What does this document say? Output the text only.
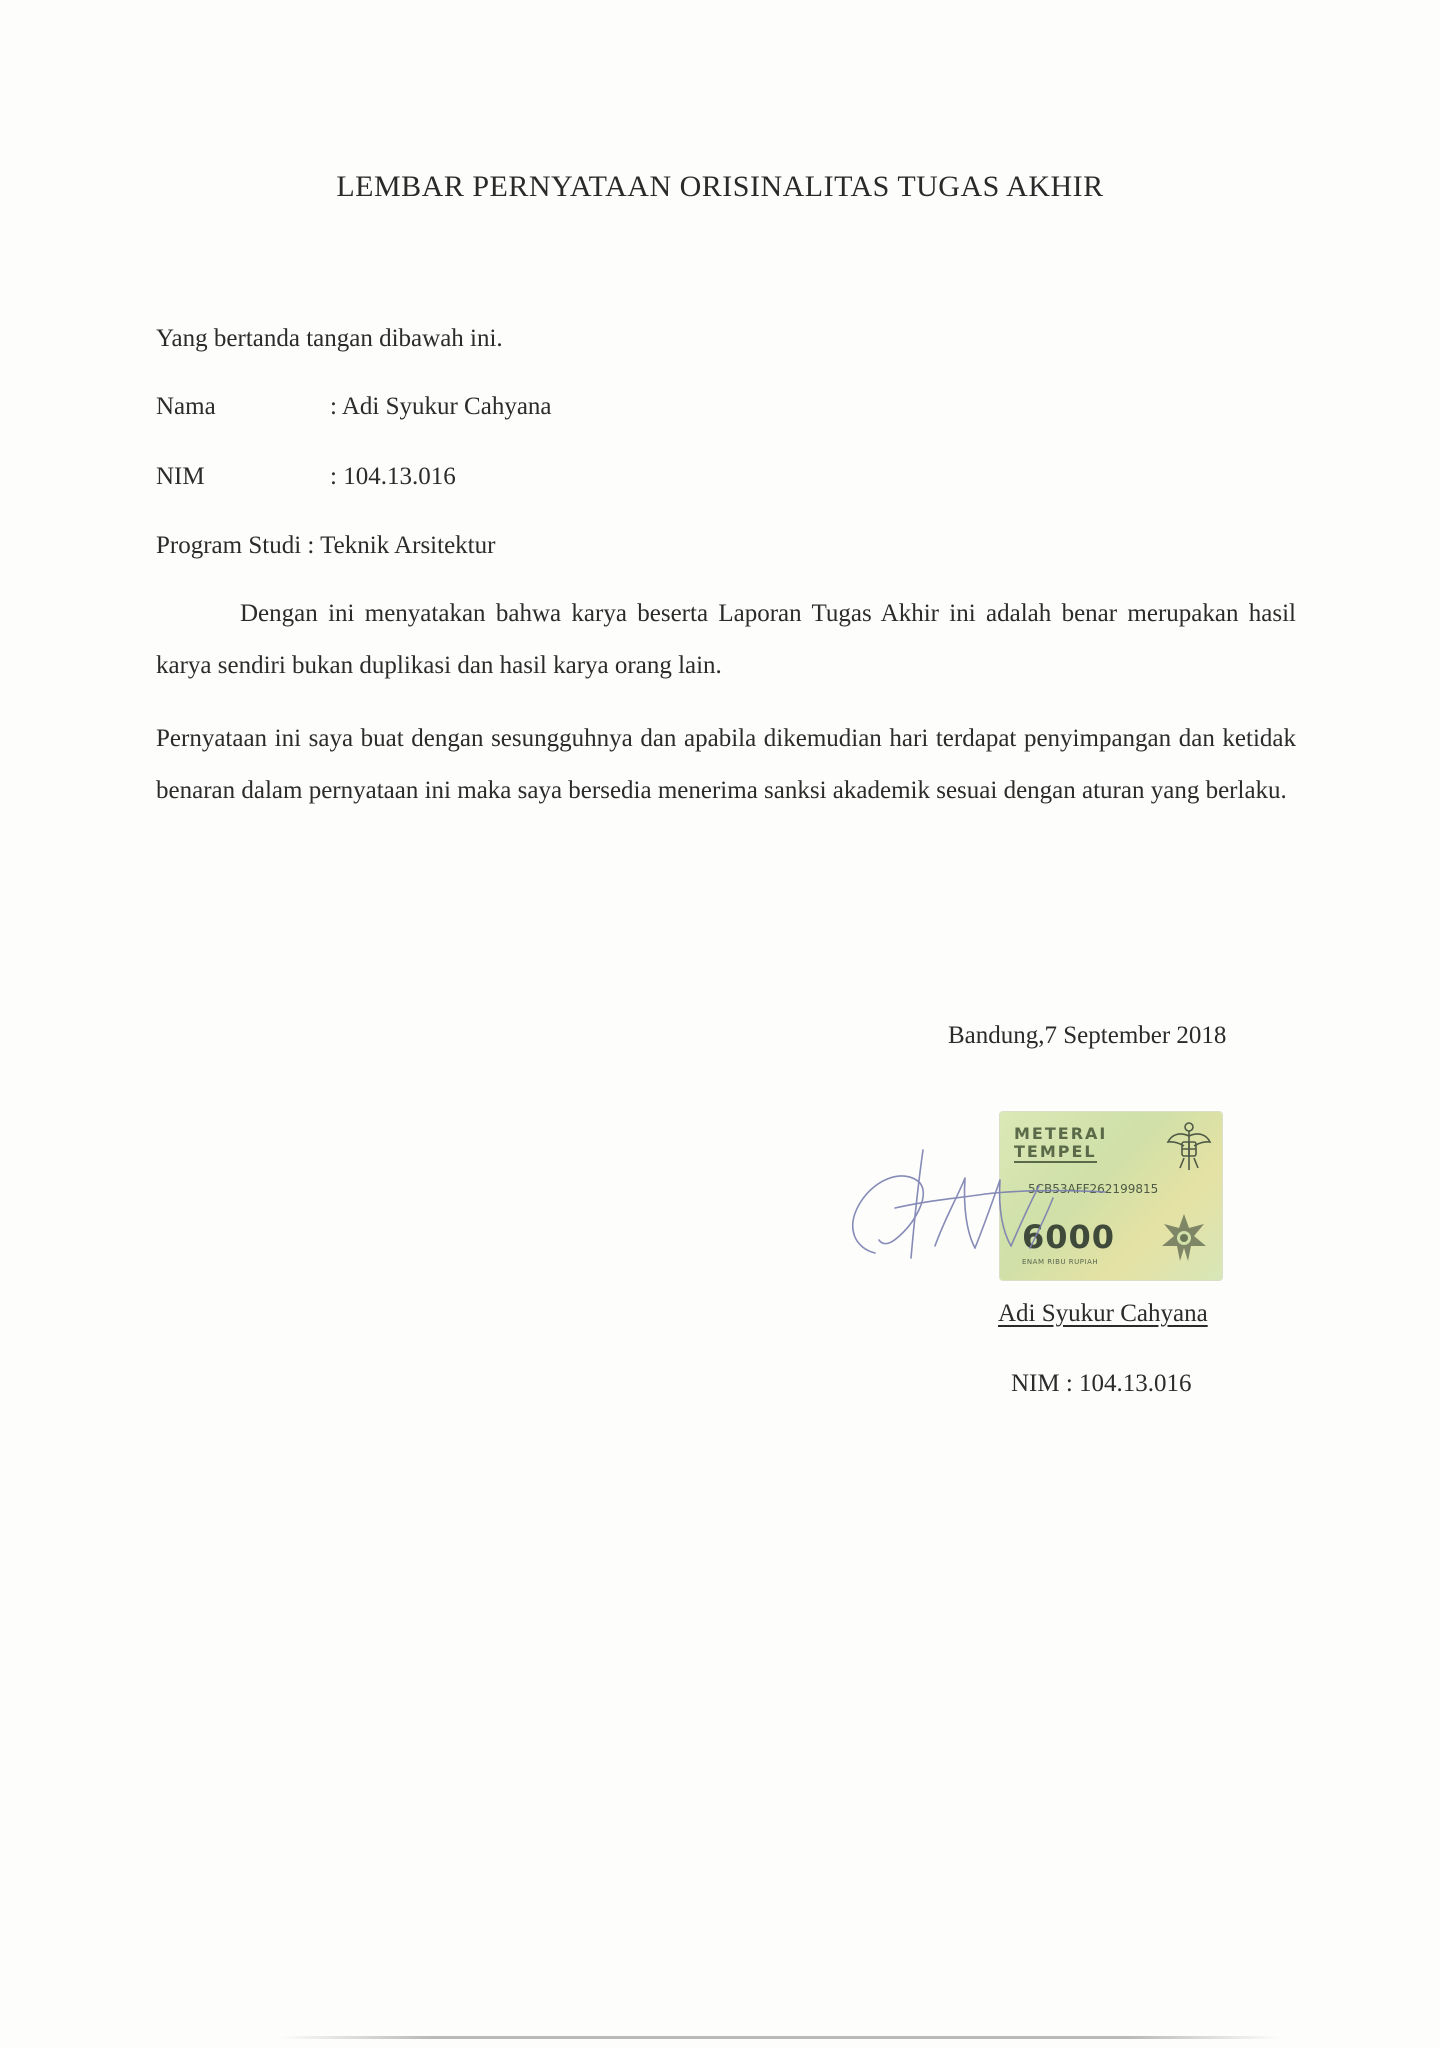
LEMBAR PERNYATAAN ORISINALITAS TUGAS AKHIR
Yang bertanda tangan dibawah ini.
Nama	: Adi Syukur Cahyana
NIM	: 104.13.016
Program Studi : Teknik Arsitektur
Dengan ini menyatakan bahwa karya beserta Laporan Tugas Akhir ini adalah benar merupakan hasil karya sendiri bukan duplikasi dan hasil karya orang lain.
Pernyataan ini saya buat dengan sesungguhnya dan apabila dikemudian hari terdapat penyimpangan dan ketidak benaran dalam pernyataan ini maka saya bersedia menerima sanksi akademik sesuai dengan aturan yang berlaku.
Bandung,7 September 2018
METERAI
TEMPEL
5CB53AFF262199815
6000
ENAM RIBU RUPIAH
Adi Syukur Cahyana
NIM : 104.13.016
